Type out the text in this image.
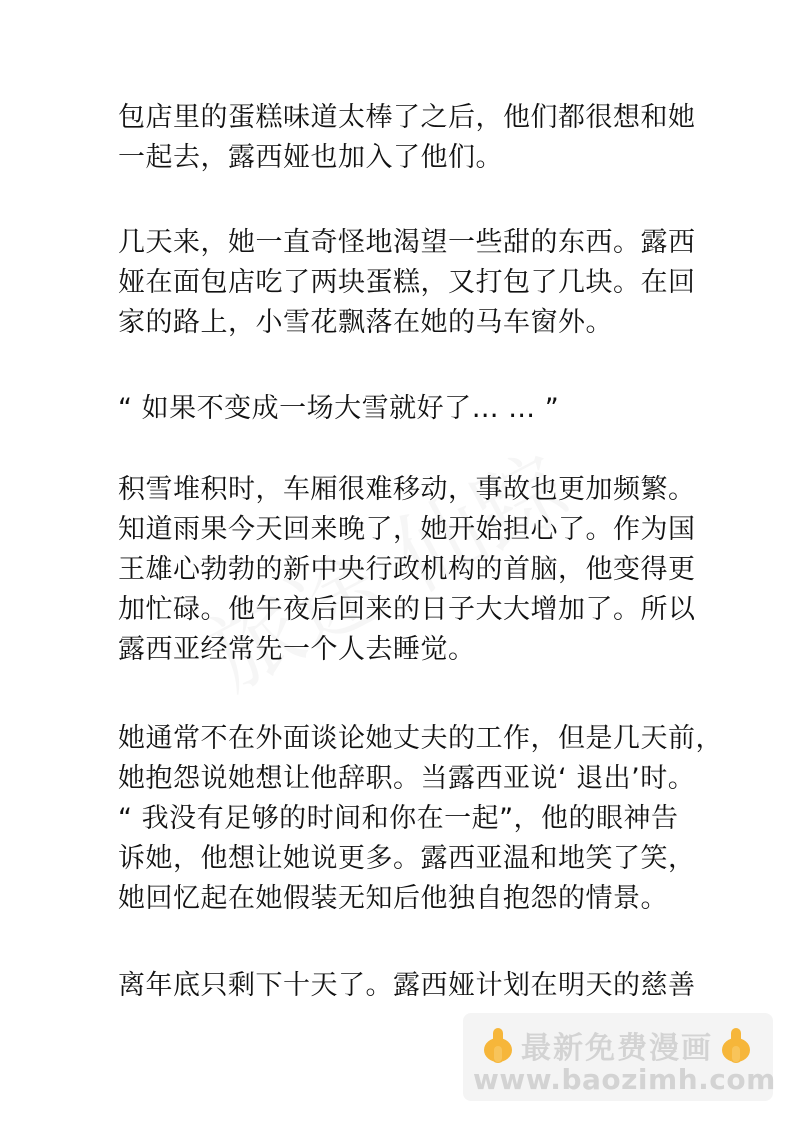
包店里的蛋糕味道太棒了之后，他们都很想和她
一起去，露西娅也加入了他们。
几天来，她一直奇怪地渴望一些甜的东西。露西
娅在面包店吃了两块蛋糕，又打包了几块。在回
家的路上，小雪花飘落在她的马车窗外。
“ 如果不变成一场大雪就好了… … ”
积雪堆积时，车厢很难移动，事故也更加频繁。
知道雨果今天回来晚了，她开始担心了。作为国
王雄心勃勃的新中央行政机构的首脑，他变得更
加忙碌。他午夜后回来的日子大大增加了。所以
露西亚经常先一个人去睡觉。
她通常不在外面谈论她丈夫的工作，但是几天前，
她抱怨说她想让他辞职。当露西亚说‘ 退出’时。
“ 我没有足够的时间和你在一起”，他的眼神告
诉她，他想让她说更多。露西亚温和地笑了笑，
她回忆起在她假装无知后他独自抱怨的情景。
离年底只剩下十天了。露西娅计划在明天的慈善
最新免费漫画
www.baozimh.com
